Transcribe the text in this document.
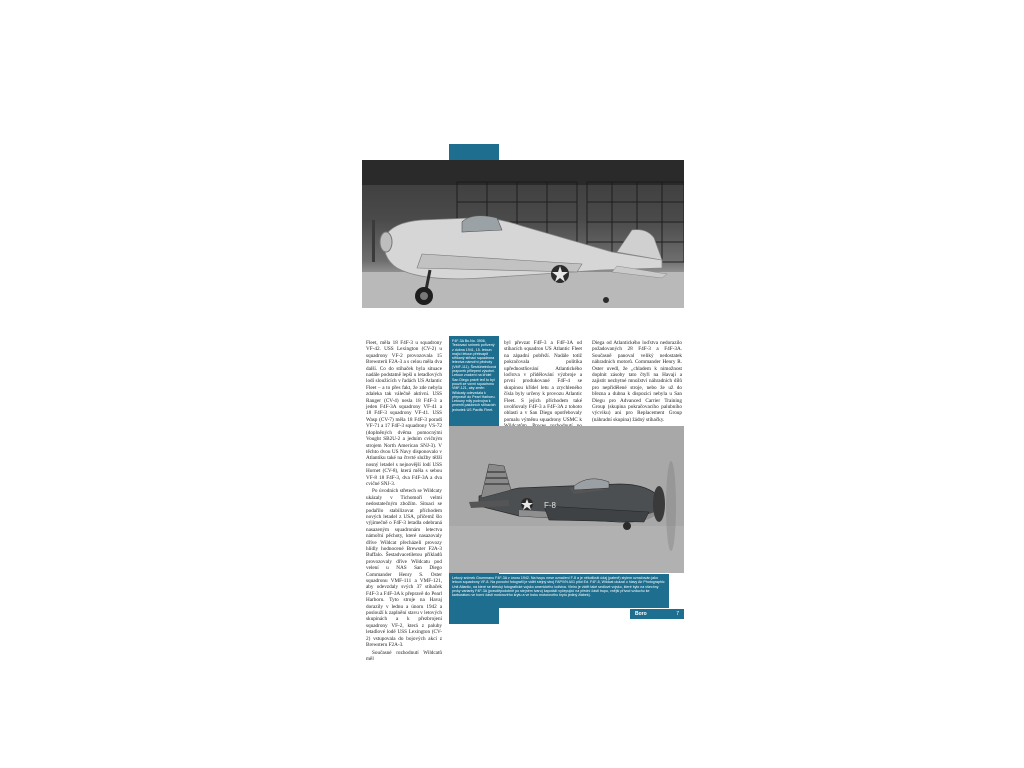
Fleet, měla 18 F4F-3 u squadrony VF-42. USS Lexington (CV-2) u squadrony VF-2 provozovala 15 Brewsterů F2A-3 a s celou měla dva další. Co do stíhaček byla situace nadále podstatně lepší u letadlových lodí sloužících v řadách US Atlantic Fleet – a to přes fakt, že zde nebyla zdaleka tak válečně aktivní. USS Ranger (CV-4) nesla 18 F4F-3 a jeden F4F-3A squadrony VF-41 a 18 F4F-3 squadrony VF-41. USS Wasp (CV-7) měla 18 F4F-3 poradí VF-71 a 17 F4F-3 squadrony VS-72 (doplněných dvěma pomocnými Vought SB2U-2 a jedním cvičným strojem North American SNJ-3). V těchto dvou US Navy disponovalo v Atlantiku také na čtvrté služby těžší nosný letadel s nejnovější lodí USS Hornet (CV-8), která měla s sebou VF-8 18 F4F-3, dva F4F-3A a dva cvičné SNJ-3.

Po úvodních střetech se Wildcaty ukázaly v Tichomoří velmi nedostatečným zbožím. Situaci se podařilo stabilizovat příchodem nových letadel z USA, přičemž šlo výjimečně o F4F-3 letadla odebraná nasazeným squadronám letectva námořní pěchoty, které nasazovaly dříve Wildcat přecházeli provozy hlídly hodnocené Brewster F2A-3 Buffalo. Šestadvacetiletou příkladů provozovaly dříve Wildcatu pod velení u NAS San Diego Commander Henry S. Oster squadronu VMF-111 a VMF-121, aby odevzdaly svých 37 stíhaček F4F-3 a F4F-3A k přepravě do Pearl Harboru. Tyto stroje na Havaj dorazily v lednu a únoru 1942 a poslouží k zaplnění stavu v letových skupinách a k přezbrojení squadrony VF-2, která z paluby letadlové lodě USS Lexington (CV-2) vstupovala do bojových akcí z Brewsteru F2A-3.

Současné rozhodnutí Wildcatů měl

F4F-3A Bu.No. 3906, Testovací snímek pořízený z dubna 1941, 15. letoun mající letoun překvapit stříkaný stíhací squadrona letectva námořní pěchoty (VMF-111). Šestiúhelníková praporek přilepeni výsobní. Letoun znakení na křídel San Diego právě teď to byl pouzit ze vovní squadronu VMF-121, aby změn Wildcaty odevzdala k přepravě do Pearl Harboru. Letouny mlly podvojna k prveniti palubních stíhacích jednotek US Pacific Fleet.
byl převzat F4F-3 a F4F-3A od stíhacích squadron US Atlantic Fleet na západní pobřeží. Nadále totiž pokračovala politika upřednostňování Atlantického loďstva v přidělování výzbroje a první produkované F4F-4 se skupinou křídel letu a zrychleného čísla byly určeny k provozu Atlantic Fleet. S jejich příchodem také uvolňovaly F4F-3 a F4F-3A z tohoto oblasti a v San Diegu opotřebovaly pomalu výměnu squadrony USMC k
Diega od Atlantického loďstva nedorazilo požadovaných 28 F4F-3 a F4F-3A. Současně panoval veliký nedostatek náhradních motorů. Commander Henry R. Oster uvedl, že „chladem k nimožnost doplnit zásoby tato čtyři na Havaji a zajistit nezbytné množství náhradních dílů pro nepřidělené stroje, nebo že už do března a dubna k dispozici nebyla u San Diegu pro Advanced Carrier Training Group (skupina pokračovacího palubního výcviku) ani pro Replacement Group (náhradní skupina) žádný stíhačky.
F-8
Letový snímek Grummanu F4F-3A v únoru 1942. Na tvupu nese označení F-8 a je několikrát údaj (patrně) stylem označován jako letoun squadrony VF-8. Na povodní fotografii je vidět stejný stroj FAP/VN A01 pilot Ed. F4F-8, Wildcat ukázal u hlavy Air Photographic Unit Atlantic, na které se letecký fotografické vojsko amerického loďstva. Vieiro je vidět také sedlové vojsko, které bylo na všechny prvky varianty F4F-3A (pravděpodobně po stejném tvaru) kapotáži vyčepující na přední části trupu, vnější přívod vzduchu ke karburátoru ve horní části motorového krytu a ve boku motorového krytu jediný žlábek).
Boro	7
